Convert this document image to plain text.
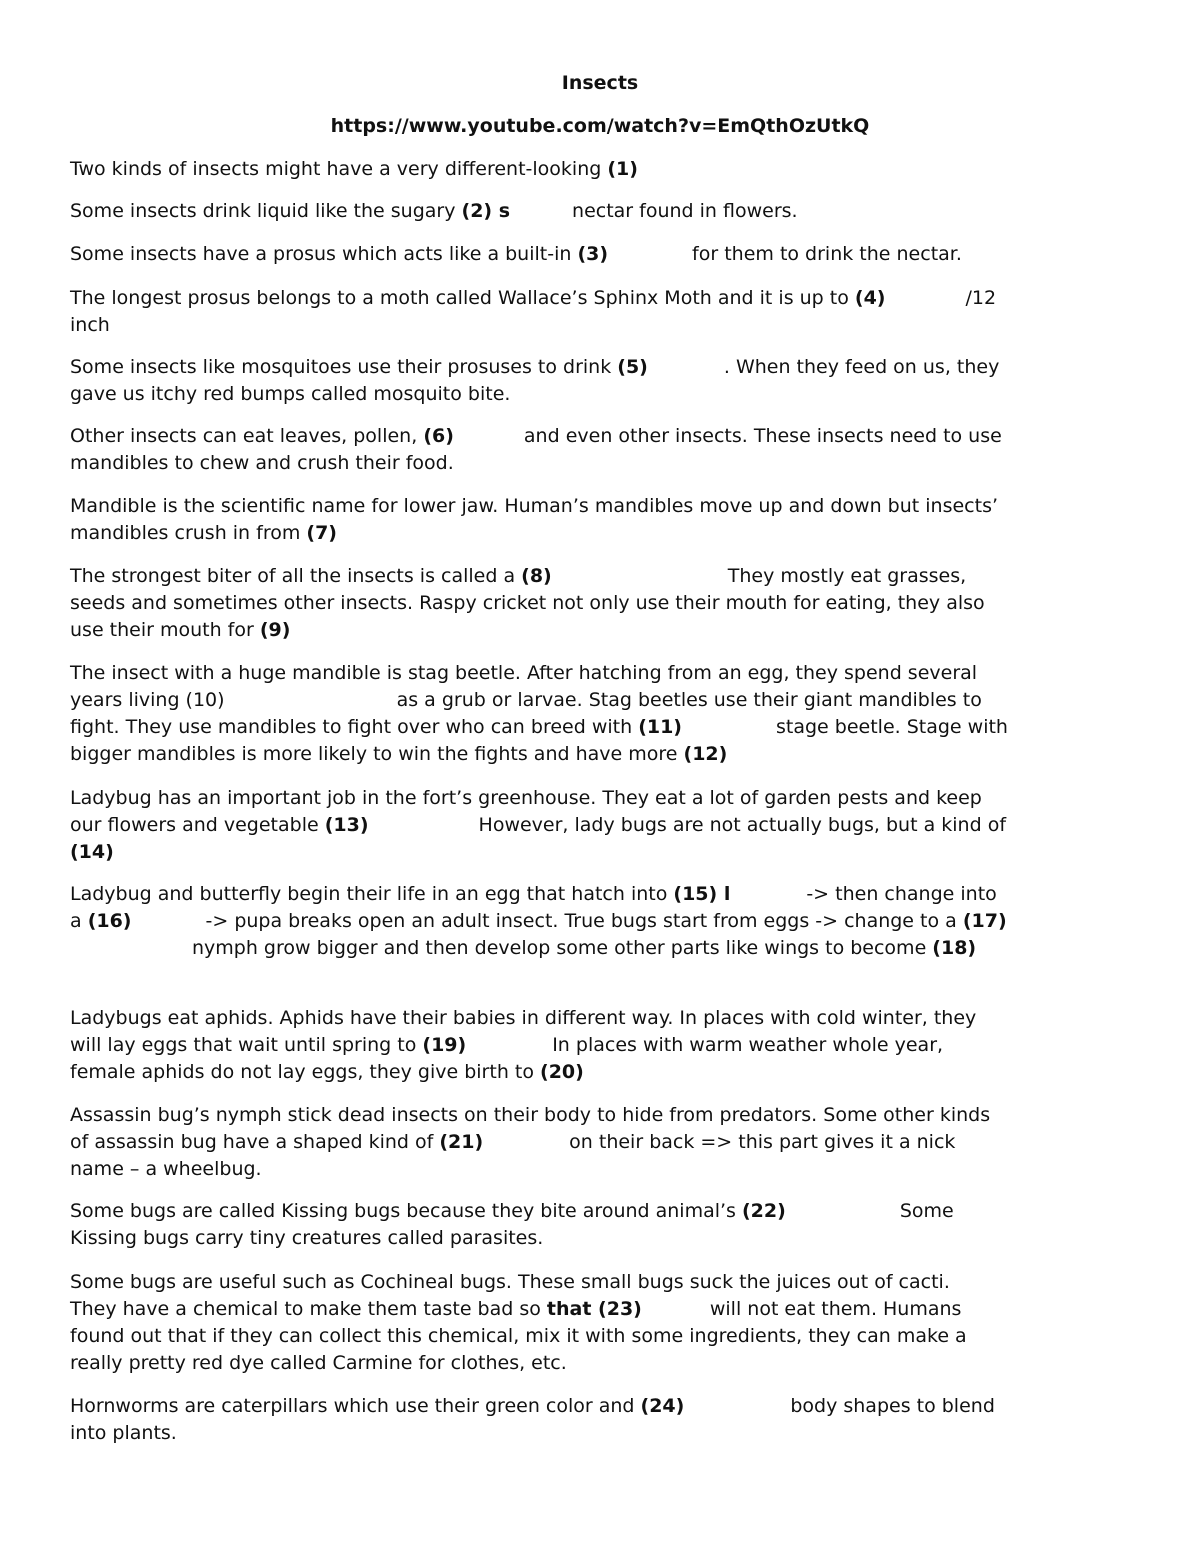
Insects
https://www.youtube.com/watch?v=EmQthOzUtkQ
Two kinds of insects might have a very different-looking (1)
Some insects drink liquid like the sugary (2) s	nectar found in flowers.
Some insects have a prosus which acts like a built-in (3)	for them to drink the nectar.
The longest prosus belongs to a moth called Wallace’s Sphinx Moth and it is up to (4)	/12
inch
Some insects like mosquitoes use their prosuses to drink (5)	. When they feed on us, they
gave us itchy red bumps called mosquito bite.
Other insects can eat leaves, pollen, (6)	and even other insects. These insects need to use
mandibles to chew and crush their food.
Mandible is the scientific name for lower jaw. Human’s mandibles move up and down but insects’
mandibles crush in from (7)
The strongest biter of all the insects is called a (8)	They mostly eat grasses,
seeds and sometimes other insects. Raspy cricket not only use their mouth for eating, they also
use their mouth for (9)
The insect with a huge mandible is stag beetle. After hatching from an egg, they spend several
years living (10)	as a grub or larvae. Stag beetles use their giant mandibles to
fight. They use mandibles to fight over who can breed with (11)	stage beetle. Stage with
bigger mandibles is more likely to win the fights and have more (12)
Ladybug has an important job in the fort’s greenhouse. They eat a lot of garden pests and keep
our flowers and vegetable (13)	However, lady bugs are not actually bugs, but a kind of
(14)
Ladybug and butterfly begin their life in an egg that hatch into (15) l	-> then change into
a (16)	-> pupa breaks open an adult insect. True bugs start from eggs -> change to a (17)
nymph grow bigger and then develop some other parts like wings to become (18)
Ladybugs eat aphids. Aphids have their babies in different way. In places with cold winter, they
will lay eggs that wait until spring to (19)	In places with warm weather whole year,
female aphids do not lay eggs, they give birth to (20)
Assassin bug’s nymph stick dead insects on their body to hide from predators. Some other kinds
of assassin bug have a shaped kind of (21)	on their back => this part gives it a nick
name – a wheelbug.
Some bugs are called Kissing bugs because they bite around animal’s (22)	Some
Kissing bugs carry tiny creatures called parasites.
Some bugs are useful such as Cochineal bugs. These small bugs suck the juices out of cacti.
They have a chemical to make them taste bad so that (23)	will not eat them. Humans
found out that if they can collect this chemical, mix it with some ingredients, they can make a
really pretty red dye called Carmine for clothes, etc.
Hornworms are caterpillars which use their green color and (24)	body shapes to blend
into plants.
